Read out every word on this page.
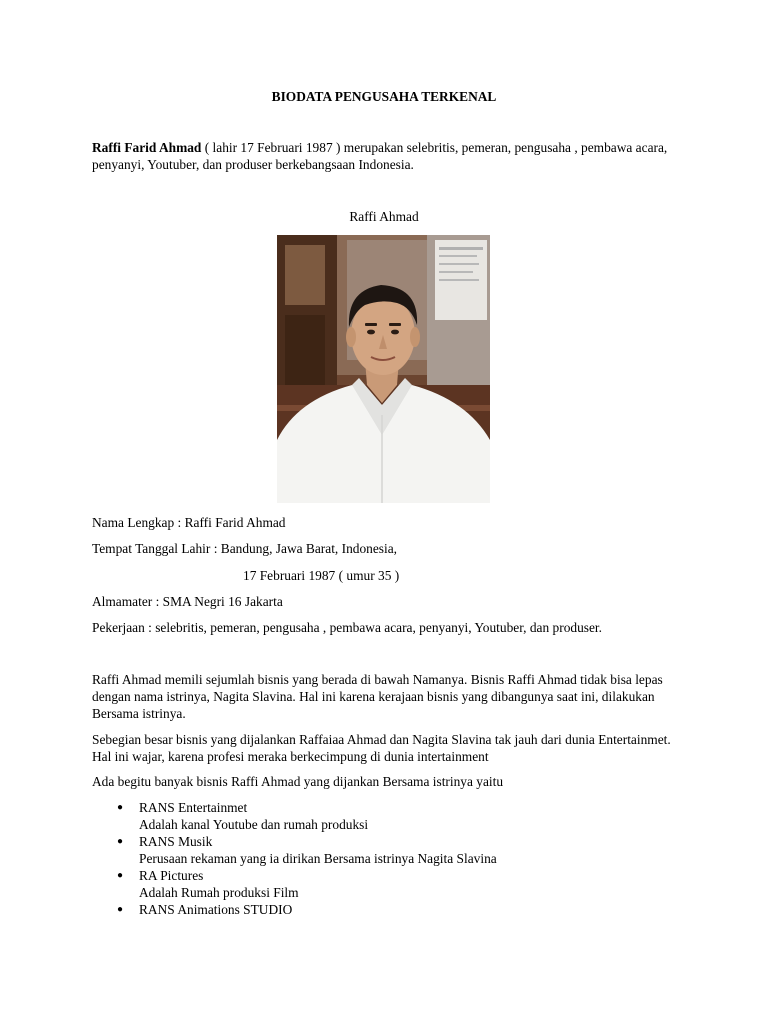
BIODATA PENGUSAHA TERKENAL

Raffi Farid Ahmad ( lahir 17 Februari 1987 ) merupakan selebritis, pemeran, pengusaha , pembawa acara, penyanyi, Youtuber, dan produser berkebangsaan Indonesia.

Raffi Ahmad
Nama Lengkap : Raffi Farid Ahmad
Tempat Tanggal Lahir : Bandung, Jawa Barat, Indonesia,
17 Februari 1987 ( umur 35 )
Almamater : SMA Negri 16 Jakarta
Pekerjaan : selebritis, pemeran, pengusaha , pembawa acara, penyanyi, Youtuber, dan produser.

Raffi Ahmad memili sejumlah bisnis yang berada di bawah Namanya. Bisnis Raffi Ahmad tidak bisa lepas dengan nama istrinya, Nagita Slavina. Hal ini karena kerajaan bisnis yang dibangunya saat ini, dilakukan Bersama istrinya.

Sebegian besar bisnis yang dijalankan Raffaiaa Ahmad dan Nagita Slavina tak jauh dari dunia Entertainmet. Hal ini wajar, karena profesi meraka berkecimpung di dunia intertainment

Ada begitu banyak bisnis Raffi Ahmad yang dijankan Bersama istrinya yaitu

● RANS Entertainmet
Adalah kanal Youtube dan rumah produksi
● RANS Musik
Perusaan rekaman yang ia dirikan Bersama istrinya Nagita Slavina
● RA Pictures
Adalah Rumah produksi Film
● RANS Animations STUDIO
